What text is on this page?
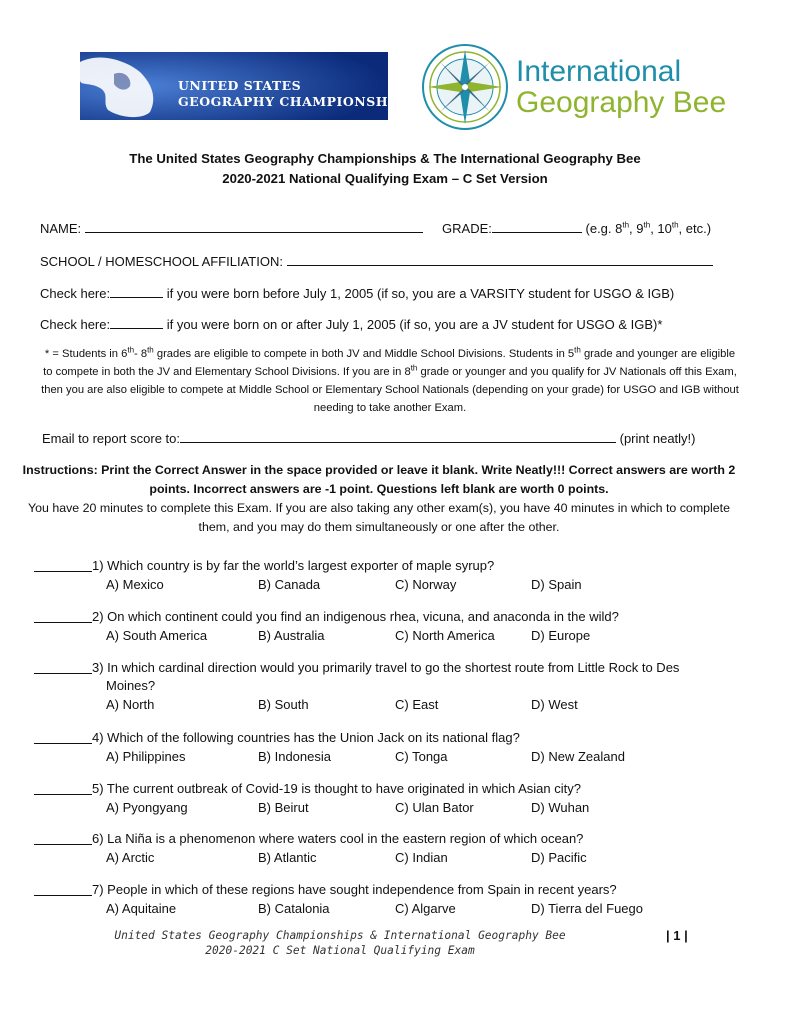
UNITED STATES
GEOGRAPHY CHAMPIONSHIPS
International
Geography Bee
The United States Geography Championships & The International Geography Bee
2020-2021 National Qualifying Exam – C Set Version
NAME:	GRADE:	(e.g. 8th, 9th, 10th, etc.)
SCHOOL / HOMESCHOOL AFFILIATION:
Check here:	if you were born before July 1, 2005 (if so, you are a VARSITY student for USGO & IGB)
Check here:	if you were born on or after July 1, 2005 (if so, you are a JV student for USGO & IGB)*
* = Students in 6th- 8th grades are eligible to compete in both JV and Middle School Divisions. Students in 5th grade and younger are eligible to compete in both the JV and Elementary School Divisions. If you are in 8th grade or younger and you qualify for JV Nationals off this Exam, then you are also eligible to compete at Middle School or Elementary School Nationals (depending on your grade) for USGO and IGB without needing to take another Exam.
Email to report score to:	(print neatly!)
Instructions: Print the Correct Answer in the space provided or leave it blank. Write Neatly!!! Correct answers are worth 2 points. Incorrect answers are -1 point. Questions left blank are worth 0 points.
You have 20 minutes to complete this Exam. If you are also taking any other exam(s), you have 40 minutes in which to complete them, and you may do them simultaneously or one after the other.
1) Which country is by far the world’s largest exporter of maple syrup?
A) Mexico	B) Canada	C) Norway	D) Spain
2) On which continent could you find an indigenous rhea, vicuna, and anaconda in the wild?
A) South America	B) Australia	C) North America	D) Europe
3) In which cardinal direction would you primarily travel to go the shortest route from Little Rock to Des Moines?
A) North	B) South	C) East	D) West
4) Which of the following countries has the Union Jack on its national flag?
A) Philippines	B) Indonesia	C) Tonga	D) New Zealand
5) The current outbreak of Covid-19 is thought to have originated in which Asian city?
A) Pyongyang	B) Beirut	C) Ulan Bator	D) Wuhan
6) La Niña is a phenomenon where waters cool in the eastern region of which ocean?
A) Arctic	B) Atlantic	C) Indian	D) Pacific
7) People in which of these regions have sought independence from Spain in recent years?
A) Aquitaine	B) Catalonia	C) Algarve	D) Tierra del Fuego
United States Geography Championships & International Geography Bee
2020-2021 C Set National Qualifying Exam
| 1 |
